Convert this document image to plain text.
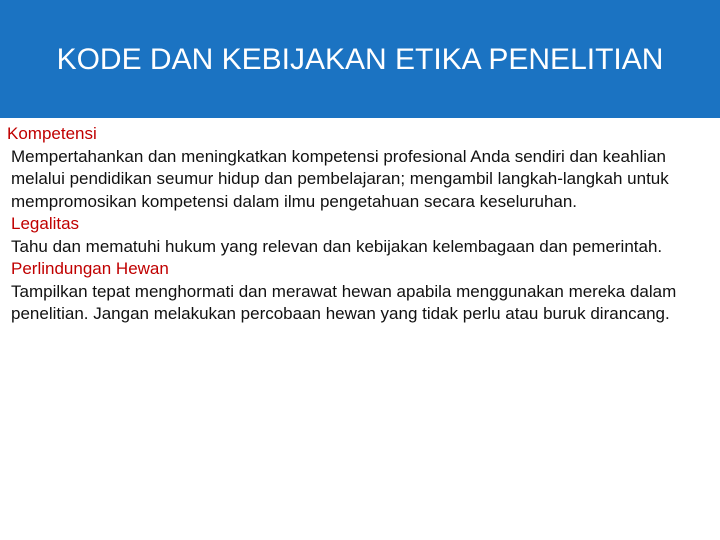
KODE DAN KEBIJAKAN ETIKA PENELITIAN

Kompetensi

Mempertahankan dan meningkatkan kompetensi profesional Anda sendiri dan keahlian melalui pendidikan seumur hidup dan pembelajaran; mengambil langkah-langkah untuk mempromosikan kompetensi dalam ilmu pengetahuan secara keseluruhan.

Legalitas

Tahu dan mematuhi hukum yang relevan dan kebijakan kelembagaan dan pemerintah.

Perlindungan Hewan

Tampilkan tepat menghormati dan merawat hewan apabila menggunakan mereka dalam penelitian. Jangan melakukan percobaan hewan yang tidak perlu atau buruk dirancang.
